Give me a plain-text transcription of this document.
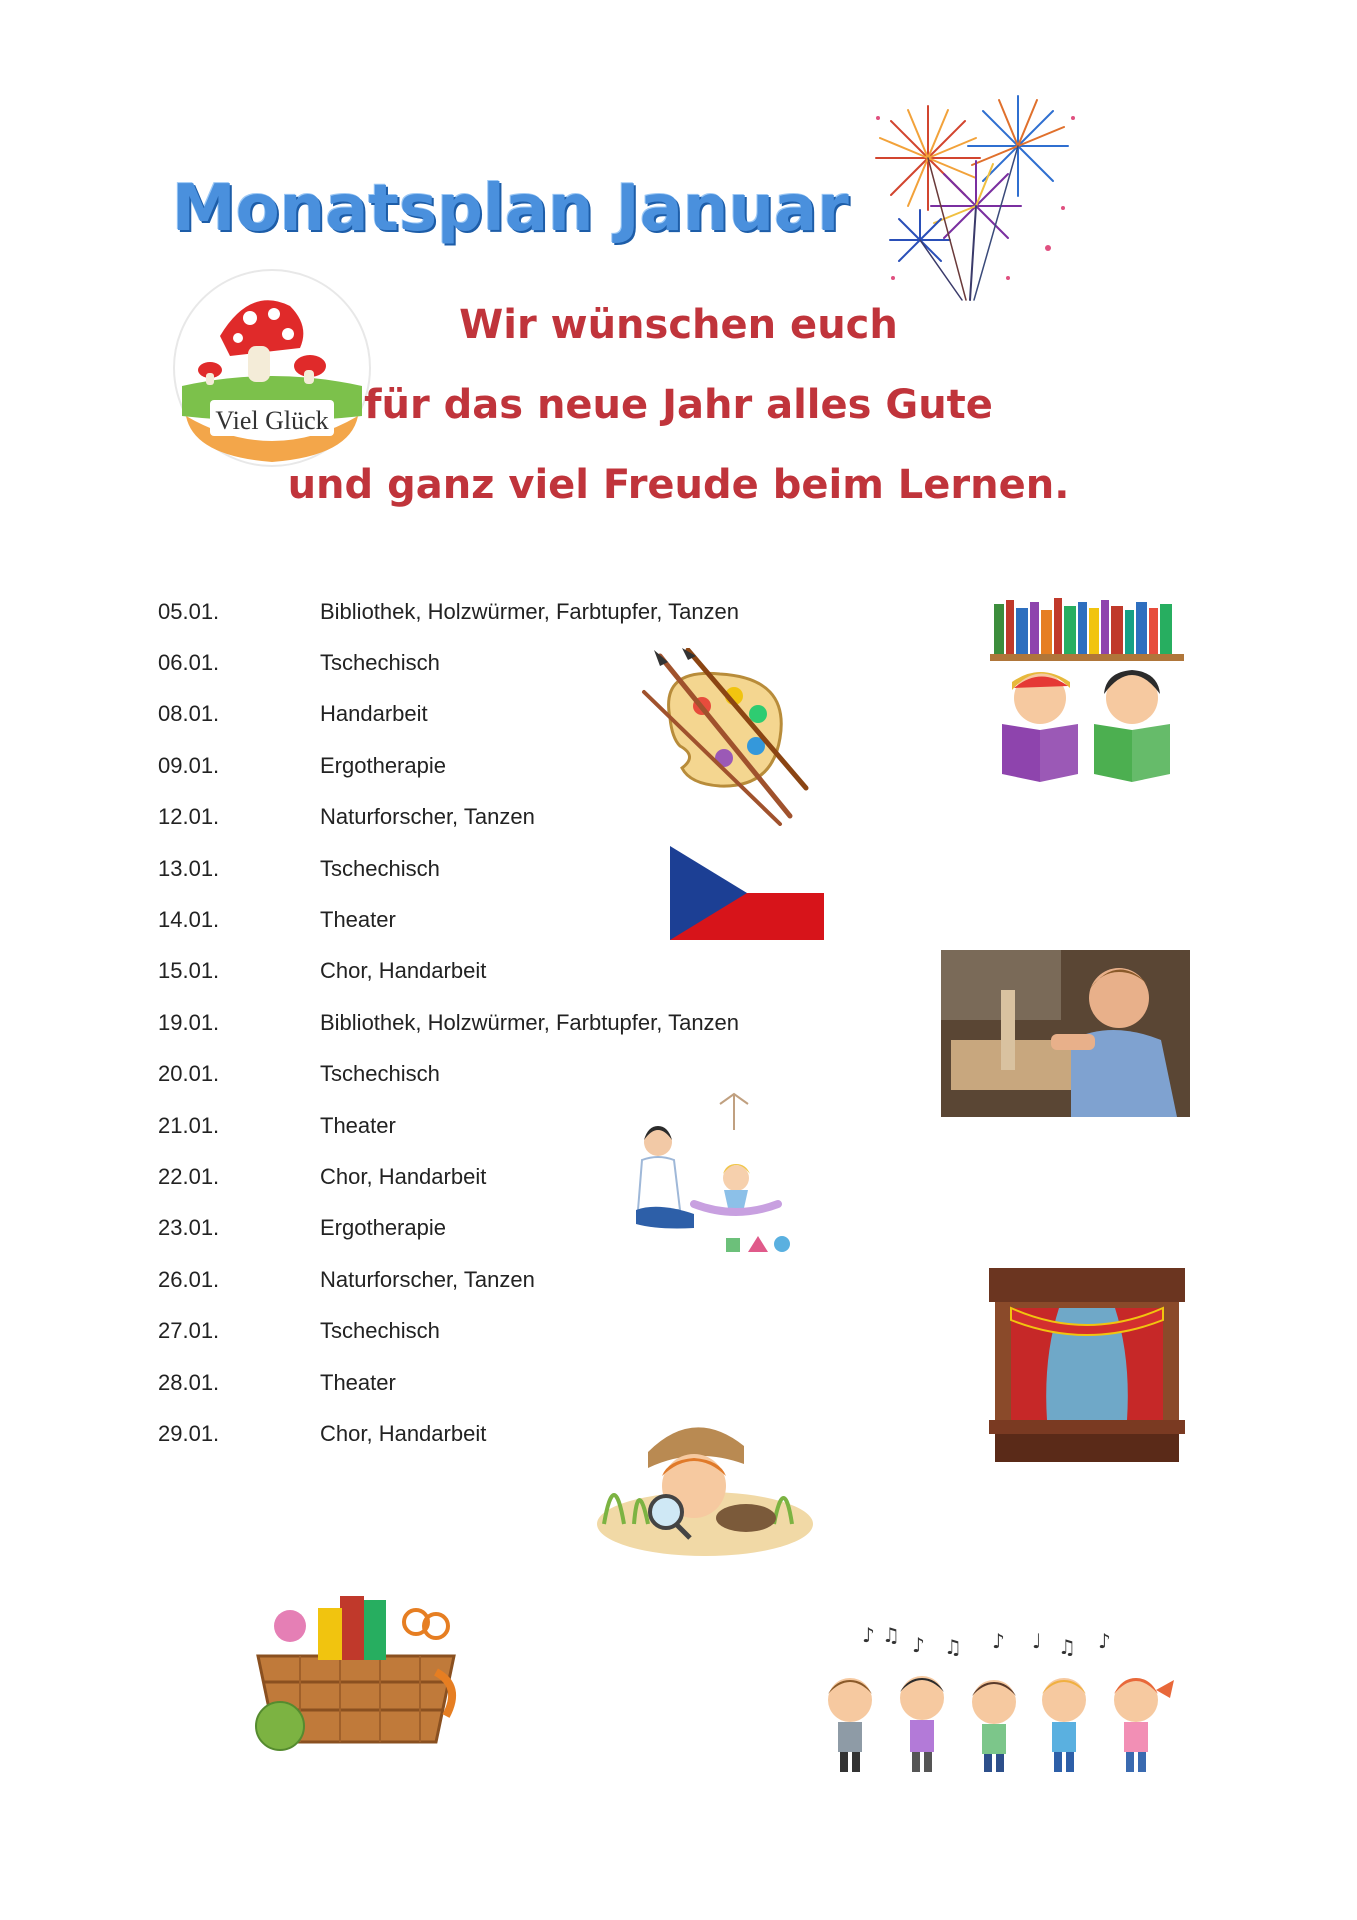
Monatsplan Januar
Viel Glück

Wir wünschen euch

für das neue Jahr alles Gute

und ganz viel Freude beim Lernen.

05.01.	Bibliothek, Holzwürmer, Farbtupfer, Tanzen
06.01.	Tschechisch
08.01.	Handarbeit
09.01.	Ergotherapie
12.01.	Naturforscher, Tanzen
13.01.	Tschechisch
14.01.	Theater
15.01.	Chor, Handarbeit
19.01.	Bibliothek, Holzwürmer, Farbtupfer, Tanzen
20.01.	Tschechisch
21.01.	Theater
22.01.	Chor, Handarbeit
23.01.	Ergotherapie
26.01.	Naturforscher, Tanzen
27.01.	Tschechisch
28.01.	Theater
29.01.	Chor, Handarbeit
♪ ♫ ♪ ♫ ♪ ♩ ♫ ♪
